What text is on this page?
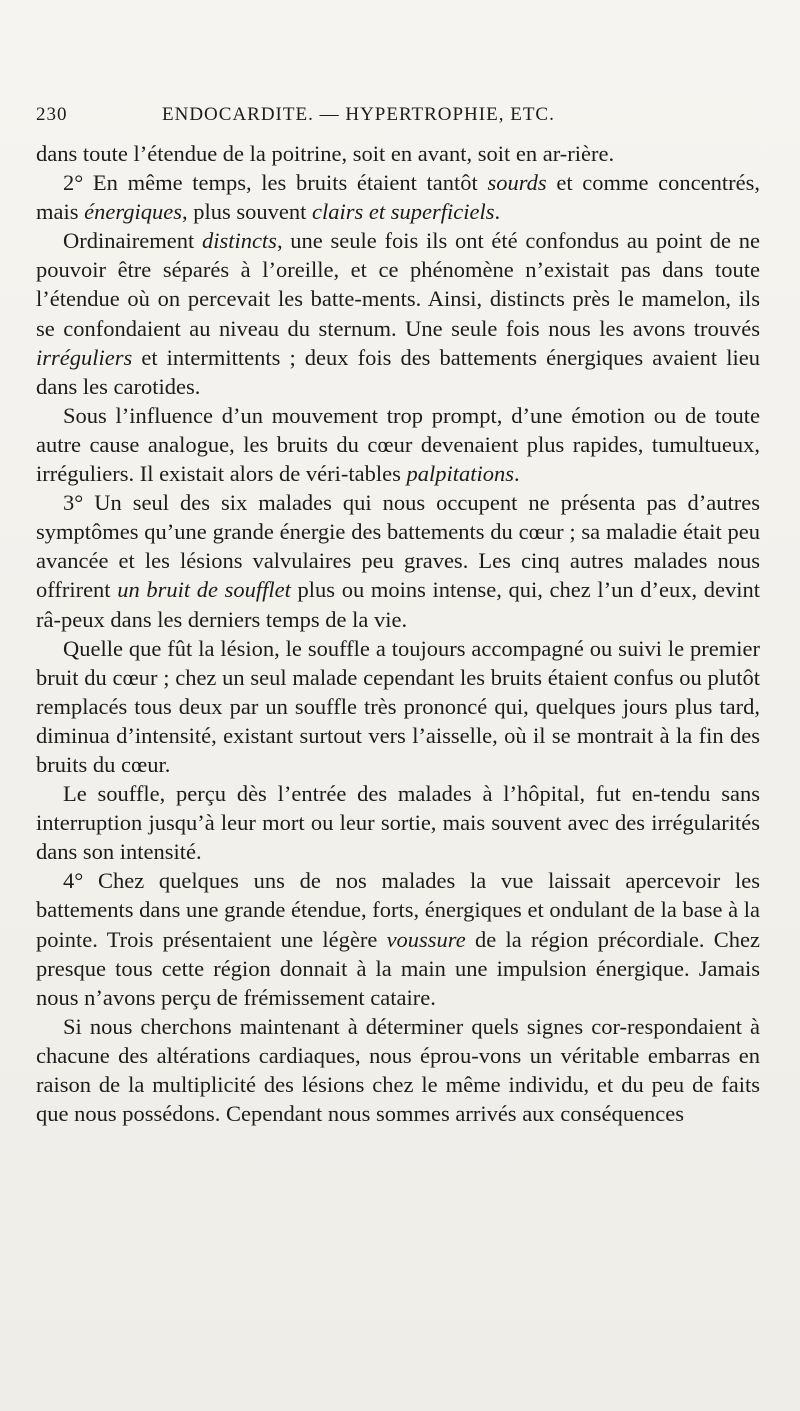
230	ENDOCARDITE. — HYPERTROPHIE, ETC.

dans toute l’étendue de la poitrine, soit en avant, soit en ar-rière.

2° En même temps, les bruits étaient tantôt sourds et comme concentrés, mais énergiques, plus souvent clairs et superficiels.

Ordinairement distincts, une seule fois ils ont été confondus au point de ne pouvoir être séparés à l’oreille, et ce phénomène n’existait pas dans toute l’étendue où on percevait les batte-ments. Ainsi, distincts près le mamelon, ils se confondaient au niveau du sternum. Une seule fois nous les avons trouvés irréguliers et intermittents ; deux fois des battements énergiques avaient lieu dans les carotides.

Sous l’influence d’un mouvement trop prompt, d’une émotion ou de toute autre cause analogue, les bruits du cœur devenaient plus rapides, tumultueux, irréguliers. Il existait alors de véri-tables palpitations.

3° Un seul des six malades qui nous occupent ne présenta pas d’autres symptômes qu’une grande énergie des battements du cœur ; sa maladie était peu avancée et les lésions valvulaires peu graves. Les cinq autres malades nous offrirent un bruit de soufflet plus ou moins intense, qui, chez l’un d’eux, devint râ-peux dans les derniers temps de la vie.

Quelle que fût la lésion, le souffle a toujours accompagné ou suivi le premier bruit du cœur ; chez un seul malade cependant les bruits étaient confus ou plutôt remplacés tous deux par un souffle très prononcé qui, quelques jours plus tard, diminua d’intensité, existant surtout vers l’aisselle, où il se montrait à la fin des bruits du cœur.

Le souffle, perçu dès l’entrée des malades à l’hôpital, fut en-tendu sans interruption jusqu’à leur mort ou leur sortie, mais souvent avec des irrégularités dans son intensité.

4° Chez quelques uns de nos malades la vue laissait apercevoir les battements dans une grande étendue, forts, énergiques et ondulant de la base à la pointe. Trois présentaient une légère voussure de la région précordiale. Chez presque tous cette région donnait à la main une impulsion énergique. Jamais nous n’avons perçu de frémissement cataire.

Si nous cherchons maintenant à déterminer quels signes cor-respondaient à chacune des altérations cardiaques, nous éprou-vons un véritable embarras en raison de la multiplicité des lésions chez le même individu, et du peu de faits que nous possédons. Cependant nous sommes arrivés aux conséquences
